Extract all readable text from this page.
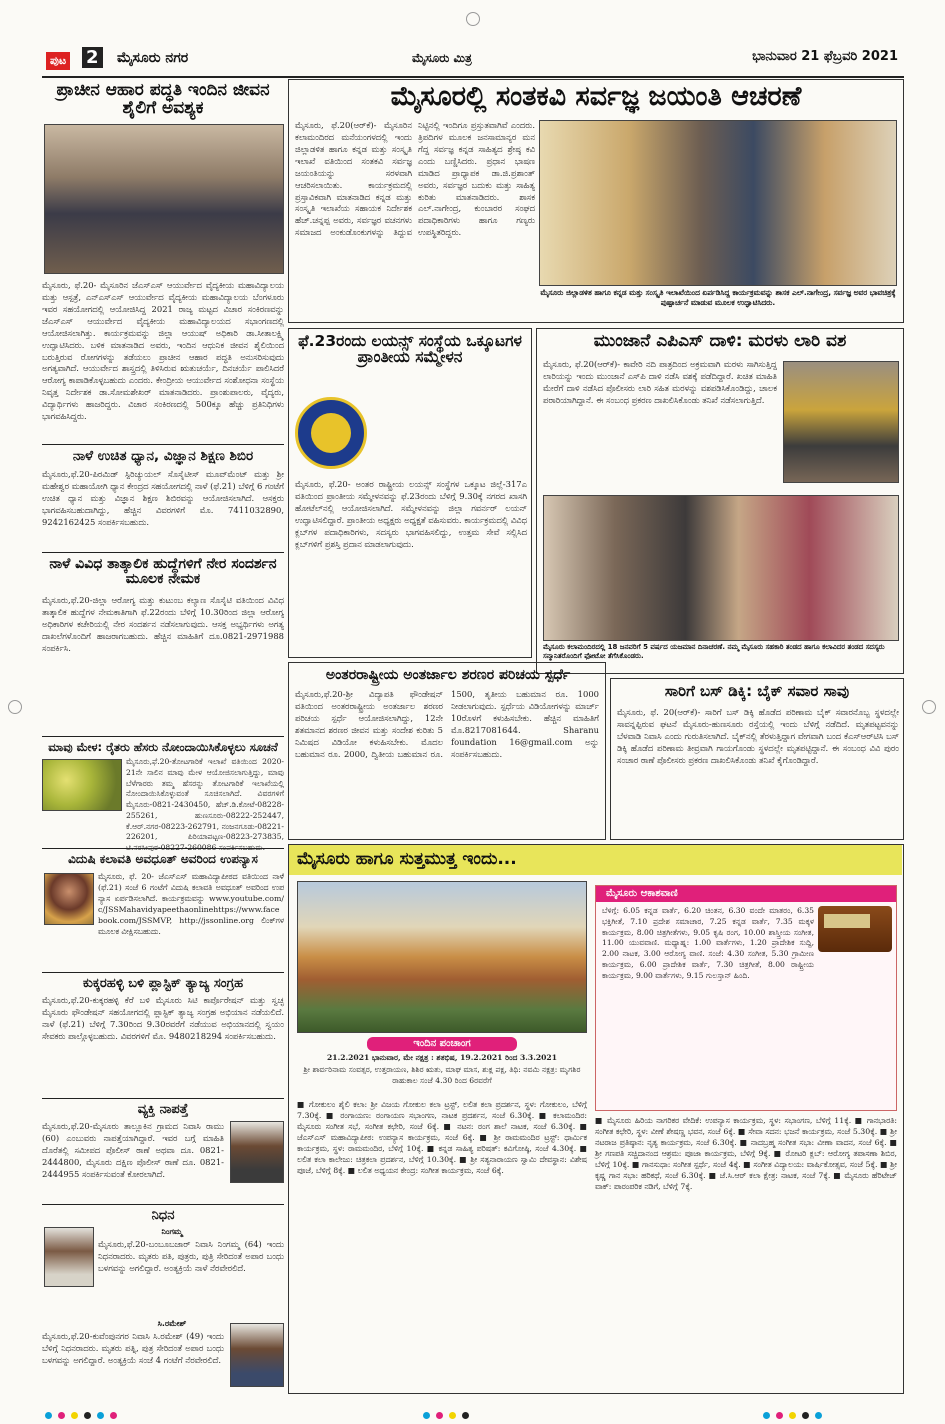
ಪುಟ 2 ಮೈಸೂರು ನಗರ	ಮೈಸೂರು ಮಿತ್ರ	ಭಾನುವಾರ 21 ಫೆಬ್ರವರಿ 2021
ಪ್ರಾಚೀನ ಆಹಾರ ಪದ್ಧತಿ ಇಂದಿನ ಜೀವನ ಶೈಲಿಗೆ ಅವಶ್ಯಕ
ಮೈಸೂರು, ಫೆ.20- ಮೈಸೂರಿನ ಜೆಎಸ್‌ಎಸ್ ಆಯುರ್ವೇದ ವೈದ್ಯಕೀಯ ಮಹಾವಿದ್ಯಾಲಯ ಮತ್ತು ಆಸ್ಪತ್ರೆ, ಎನ್‌ಎಸ್‌ಎಸ್ ಆಯುರ್ವೇದ ವೈದ್ಯಕೀಯ ಮಹಾವಿದ್ಯಾಲಯ ಬೆಂಗಳೂರು ಇವರ ಸಹಯೋಗದಲ್ಲಿ ಆಯೋಜಿಸಿದ್ದ 2021 ರಾಜ್ಯ ಮಟ್ಟದ ವಿಚಾರ ಸಂಕಿರಣವನ್ನು ಜೆಎಸ್‌ಎಸ್ ಆಯುರ್ವೇದ ವೈದ್ಯಕೀಯ ಮಹಾವಿದ್ಯಾಲಯದ ಸಭಾಂಗಣದಲ್ಲಿ ಆಯೋಜಿಸಲಾಗಿತ್ತು. ಕಾರ್ಯಕ್ರಮವನ್ನು ಜಿಲ್ಲಾ ಆಯುಷ್ ಅಧಿಕಾರಿ ಡಾ.ಸೀತಾಲಕ್ಷ್ಮಿ ಉದ್ಘಾಟಿಸಿದರು. ಬಳಿಕ ಮಾತನಾಡಿದ ಅವರು, ಇಂದಿನ ಆಧುನಿಕ ಜೀವನ ಶೈಲಿಯಿಂದ ಬರುತ್ತಿರುವ ರೋಗಗಳನ್ನು ತಡೆಯಲು ಪ್ರಾಚೀನ ಆಹಾರ ಪದ್ಧತಿ ಅನುಸರಿಸುವುದು ಅಗತ್ಯವಾಗಿದೆ. ಆಯುರ್ವೇದ ಶಾಸ್ತ್ರದಲ್ಲಿ ತಿಳಿಸಿರುವ ಋತುಚರ್ಯೆ, ದಿನಚರ್ಯೆ ಪಾಲಿಸಿದರೆ ಆರೋಗ್ಯ ಕಾಪಾಡಿಕೊಳ್ಳಬಹುದು ಎಂದರು. ಕೇಂದ್ರೀಯ ಆಯುರ್ವೇದ ಸಂಶೋಧನಾ ಸಂಸ್ಥೆಯ ನಿವೃತ್ತ ನಿರ್ದೇಶಕ ಡಾ.ಸೋಮಶೇಖರ್ ಮಾತನಾಡಿದರು. ಪ್ರಾಂಶುಪಾಲರು, ವೈದ್ಯರು, ವಿದ್ಯಾರ್ಥಿಗಳು ಹಾಜರಿದ್ದರು. ವಿಚಾರ ಸಂಕಿರಣದಲ್ಲಿ 500ಕ್ಕೂ ಹೆಚ್ಚು ಪ್ರತಿನಿಧಿಗಳು ಭಾಗವಹಿಸಿದ್ದರು.
ಮೈಸೂರಲ್ಲಿ ಸಂತಕವಿ ಸರ್ವಜ್ಞ ಜಯಂತಿ ಆಚರಣೆ
ಮೈಸೂರು, ಫೆ.20(ಆರ್‌ಕೆ)- ಮೈಸೂರಿನ ಕಲಾಮಂದಿರದ ಮನೆಯಂಗಳದಲ್ಲಿ ಇಂದು ಜಿಲ್ಲಾಡಳಿತ ಹಾಗೂ ಕನ್ನಡ ಮತ್ತು ಸಂಸ್ಕೃತಿ ಇಲಾಖೆ ವತಿಯಿಂದ ಸಂತಕವಿ ಸರ್ವಜ್ಞ ಜಯಂತಿಯನ್ನು ಸರಳವಾಗಿ ಆಚರಿಸಲಾಯಿತು. ಕಾರ್ಯಕ್ರಮದಲ್ಲಿ ಪ್ರಸ್ತಾವಿಕವಾಗಿ ಮಾತನಾಡಿದ ಕನ್ನಡ ಮತ್ತು ಸಂಸ್ಕೃತಿ ಇಲಾಖೆಯ ಸಹಾಯಕ ನಿರ್ದೇಶಕ ಹೆಚ್.ಚನ್ನಪ್ಪ ಅವರು, ಸರ್ವಜ್ಞರ ವಚನಗಳು ಸಮಾಜದ ಅಂಕುಡೊಂಕುಗಳನ್ನು ತಿದ್ದುವ ನಿಟ್ಟಿನಲ್ಲಿ ಇಂದಿಗೂ ಪ್ರಸ್ತುತವಾಗಿವೆ ಎಂದರು. ತ್ರಿಪದಿಗಳ ಮೂಲಕ ಜನಸಾಮಾನ್ಯರ ಮನ ಗೆದ್ದ ಸರ್ವಜ್ಞ ಕನ್ನಡ ಸಾಹಿತ್ಯದ ಶ್ರೇಷ್ಠ ಕವಿ ಎಂದು ಬಣ್ಣಿಸಿದರು. ಪ್ರಧಾನ ಭಾಷಣ ಮಾಡಿದ ಪ್ರಾಧ್ಯಾಪಕ ಡಾ.ಜಿ.ಪ್ರಶಾಂತ್ ಅವರು, ಸರ್ವಜ್ಞರ ಬದುಕು ಮತ್ತು ಸಾಹಿತ್ಯ ಕುರಿತು ಮಾತನಾಡಿದರು. ಶಾಸಕ ಎಲ್.ನಾಗೇಂದ್ರ, ಕುಂಬಾರರ ಸಂಘದ ಪದಾಧಿಕಾರಿಗಳು ಹಾಗೂ ಗಣ್ಯರು ಉಪಸ್ಥಿತರಿದ್ದರು.
ಮೈಸೂರು ಜಿಲ್ಲಾಡಳಿತ ಹಾಗೂ ಕನ್ನಡ ಮತ್ತು ಸಂಸ್ಕೃತಿ ಇಲಾಖೆಯಿಂದ ಏರ್ಪಡಿಸಿದ್ದ ಕಾರ್ಯಕ್ರಮವನ್ನು ಶಾಸಕ ಎಲ್.ನಾಗೇಂದ್ರ, ಸರ್ವಜ್ಞ ಅವರ ಭಾವಚಿತ್ರಕ್ಕೆ ಪುಷ್ಪಾರ್ಚನೆ ಮಾಡುವ ಮೂಲಕ ಉದ್ಘಾಟಿಸಿದರು.
ನಾಳೆ ಉಚಿತ ಧ್ಯಾನ, ವಿಜ್ಞಾನ ಶಿಕ್ಷಣ ಶಿಬಿರ
ಮೈಸೂರು,ಫೆ.20-ಪಿರಮಿಡ್ ಸ್ಪಿರಿಚ್ಯುಯಲ್ ಸೊಸೈಟೀಸ್ ಮೂವ್‌ಮೆಂಟ್ ಮತ್ತು ಶ್ರೀ ಮಹೇಶ್ವರ ಮಹಾಯೋಗಿ ಧ್ಯಾನ ಕೇಂದ್ರದ ಸಹಯೋಗದಲ್ಲಿ ನಾಳೆ (ಫೆ.21) ಬೆಳಿಗ್ಗೆ 6 ಗಂಟೆಗೆ ಉಚಿತ ಧ್ಯಾನ ಮತ್ತು ವಿಜ್ಞಾನ ಶಿಕ್ಷಣ ಶಿಬಿರವನ್ನು ಆಯೋಜಿಸಲಾಗಿದೆ. ಆಸಕ್ತರು ಭಾಗವಹಿಸಬಹುದಾಗಿದ್ದು, ಹೆಚ್ಚಿನ ವಿವರಗಳಿಗೆ ಮೊ. 7411032890, 9242162425 ಸಂಪರ್ಕಿಸಬಹುದು.
ಫೆ.23ರಂದು ಲಯನ್ಸ್ ಸಂಸ್ಥೆಯ ಒಕ್ಕೂಟಗಳ ಪ್ರಾಂತೀಯ ಸಮ್ಮೇಳನ
ಮೈಸೂರು, ಫೆ.20- ಅಂತರ ರಾಷ್ಟ್ರೀಯ ಲಯನ್ಸ್ ಸಂಸ್ಥೆಗಳ ಒಕ್ಕೂಟ ಜಿಲ್ಲೆ-317ಎ ವತಿಯಿಂದ ಪ್ರಾಂತೀಯ ಸಮ್ಮೇಳನವನ್ನು ಫೆ.23ರಂದು ಬೆಳಿಗ್ಗೆ 9.30ಕ್ಕೆ ನಗರದ ಖಾಸಗಿ ಹೋಟೆಲ್‌ನಲ್ಲಿ ಆಯೋಜಿಸಲಾಗಿದೆ. ಸಮ್ಮೇಳನವನ್ನು ಜಿಲ್ಲಾ ಗವರ್ನರ್ ಲಯನ್ ಉದ್ಘಾಟಿಸಲಿದ್ದಾರೆ. ಪ್ರಾಂತೀಯ ಅಧ್ಯಕ್ಷರು ಅಧ್ಯಕ್ಷತೆ ವಹಿಸುವರು. ಕಾರ್ಯಕ್ರಮದಲ್ಲಿ ವಿವಿಧ ಕ್ಲಬ್‌ಗಳ ಪದಾಧಿಕಾರಿಗಳು, ಸದಸ್ಯರು ಭಾಗವಹಿಸಲಿದ್ದು, ಉತ್ತಮ ಸೇವೆ ಸಲ್ಲಿಸಿದ ಕ್ಲಬ್‌ಗಳಿಗೆ ಪ್ರಶಸ್ತಿ ಪ್ರದಾನ ಮಾಡಲಾಗುವುದು.
ಮುಂಜಾನೆ ಎಪಿಎಸ್ ದಾಳಿ: ಮರಳು ಲಾರಿ ವಶ
ಮೈಸೂರು, ಫೆ.20(ಆರ್‌ಕೆ)- ಕಾವೇರಿ ನದಿ ಪಾತ್ರದಿಂದ ಅಕ್ರಮವಾಗಿ ಮರಳು ಸಾಗಿಸುತ್ತಿದ್ದ ಲಾರಿಯನ್ನು ಇಂದು ಮುಂಜಾನೆ ಎಸ್‌ಪಿ ದಾಳಿ ನಡೆಸಿ ವಶಕ್ಕೆ ಪಡೆದಿದ್ದಾರೆ. ಖಚಿತ ಮಾಹಿತಿ ಮೇರೆಗೆ ದಾಳಿ ನಡೆಸಿದ ಪೊಲೀಸರು ಲಾರಿ ಸಹಿತ ಮರಳನ್ನು ವಶಪಡಿಸಿಕೊಂಡಿದ್ದು, ಚಾಲಕ ಪರಾರಿಯಾಗಿದ್ದಾನೆ. ಈ ಸಂಬಂಧ ಪ್ರಕರಣ ದಾಖಲಿಸಿಕೊಂಡು ತನಿಖೆ ನಡೆಸಲಾಗುತ್ತಿದೆ.
ಮೈಸೂರು ಕಲಾಮಂದಿರದಲ್ಲಿ 18 ಜನವರಿಗೆ 5 ವರ್ಷದ ಯಜಮಾನ ದಿನಾಚರಣೆ. ನಮ್ಮ ಮೈಸೂರು ಸಹಕಾರಿ ತಂಡದ ಹಾಗೂ ಕಲಾವಿದರ ತಂಡದ ಸದಸ್ಯರು ಸನ್ಮಾನಿತರೊಂದಿಗೆ ಫೋಟೋ ತೆಗೆಸಿಕೊಂಡರು.
ನಾಳೆ ವಿವಿಧ ತಾತ್ಕಾಲಿಕ ಹುದ್ದೆಗಳಿಗೆ ನೇರ ಸಂದರ್ಶನ ಮೂಲಕ ನೇಮಕ
ಮೈಸೂರು,ಫೆ.20-ಜಿಲ್ಲಾ ಆರೋಗ್ಯ ಮತ್ತು ಕುಟುಂಬ ಕಲ್ಯಾಣ ಸೊಸೈಟಿ ವತಿಯಿಂದ ವಿವಿಧ ತಾತ್ಕಾಲಿಕ ಹುದ್ದೆಗಳ ನೇಮಕಾತಿಗಾಗಿ ಫೆ.22ರಂದು ಬೆಳಿಗ್ಗೆ 10.30ರಿಂದ ಜಿಲ್ಲಾ ಆರೋಗ್ಯ ಅಧಿಕಾರಿಗಳ ಕಚೇರಿಯಲ್ಲಿ ನೇರ ಸಂದರ್ಶನ ನಡೆಸಲಾಗುವುದು. ಆಸಕ್ತ ಅಭ್ಯರ್ಥಿಗಳು ಅಗತ್ಯ ದಾಖಲೆಗಳೊಂದಿಗೆ ಹಾಜರಾಗಬಹುದು. ಹೆಚ್ಚಿನ ಮಾಹಿತಿಗೆ ದೂ.0821-2971988 ಸಂಪರ್ಕಿಸಿ.
ಮಾವು ಮೇಳ: ರೈತರು ಹೆಸರು ನೋಂದಾಯಿಸಿಕೊಳ್ಳಲು ಸೂಚನೆ
ಮೈಸೂರು,ಫೆ.20-ತೋಟಗಾರಿಕೆ ಇಲಾಖೆ ವತಿಯಿಂದ 2020-21ನೇ ಸಾಲಿನ ಮಾವು ಮೇಳ ಆಯೋಜಿಸಲಾಗುತ್ತಿದ್ದು, ಮಾವು ಬೆಳೆಗಾರರು ತಮ್ಮ ಹೆಸರನ್ನು ತೋಟಗಾರಿಕೆ ಇಲಾಖೆಯಲ್ಲಿ ನೋಂದಾಯಿಸಿಕೊಳ್ಳುವಂತೆ ಸೂಚಿಸಲಾಗಿದೆ. ವಿವರಗಳಿಗೆ ಮೈಸೂರು-0821-2430450, ಹೆಚ್.ಡಿ.ಕೋಟೆ-08228-255261, ಹುಣಸೂರು-08222-252447, ಕೆ.ಆರ್.ನಗರ-08223-262791, ನಂಜನಗೂಡು-08221-226201, ಪಿರಿಯಾಪಟ್ಟಣ-08223-273835, ಟಿ.ನರಸೀಪುರ-08227-260086 ಸಂಪರ್ಕಿಸಬಹುದು.
ಅಂತರರಾಷ್ಟ್ರೀಯ ಅಂತರ್ಜಾಲ ಶರಣರ ಪರಿಚಯ ಸ್ಪರ್ಧೆ
ಮೈಸೂರು,ಫೆ.20-ಶ್ರೀ ವಿದ್ಯಾಪತಿ ಫೌಂಡೇಷನ್ ವತಿಯಿಂದ ಅಂತರರಾಷ್ಟ್ರೀಯ ಅಂತರ್ಜಾಲ ಶರಣರ ಪರಿಚಯ ಸ್ಪರ್ಧೆ ಆಯೋಜಿಸಲಾಗಿದ್ದು, 12ನೇ ಶತಮಾನದ ಶರಣರ ಜೀವನ ಮತ್ತು ಸಂದೇಶ ಕುರಿತು 5 ನಿಮಿಷದ ವಿಡಿಯೋ ಕಳುಹಿಸಬೇಕು. ಮೊದಲ ಬಹುಮಾನ ರೂ. 2000, ದ್ವಿತೀಯ ಬಹುಮಾನ ರೂ. 1500, ತೃತೀಯ ಬಹುಮಾನ ರೂ. 1000 ನೀಡಲಾಗುವುದು. ಸ್ಪರ್ಧೆಯ ವಿಡಿಯೋಗಳನ್ನು ಮಾರ್ಚ್ 10ರೊಳಗೆ ಕಳುಹಿಸಬೇಕು. ಹೆಚ್ಚಿನ ಮಾಹಿತಿಗೆ ಮೊ.8217081644. Sharanu foundation 16@gmail.com ಅನ್ನು ಸಂಪರ್ಕಿಸಬಹುದು.
ಸಾರಿಗೆ ಬಸ್ ಡಿಕ್ಕಿ: ಬೈಕ್ ಸವಾರ ಸಾವು
ಮೈಸೂರು, ಫೆ. 20(ಆರ್‌ಕೆ)- ಸಾರಿಗೆ ಬಸ್ ಡಿಕ್ಕಿ ಹೊಡೆದ ಪರಿಣಾಮ ಬೈಕ್ ಸವಾರನೊಬ್ಬ ಸ್ಥಳದಲ್ಲೇ ಸಾವನ್ನಪ್ಪಿರುವ ಘಟನೆ ಮೈಸೂರು-ಹುಣಸೂರು ರಸ್ತೆಯಲ್ಲಿ ಇಂದು ಬೆಳಿಗ್ಗೆ ನಡೆದಿದೆ. ಮೃತಪಟ್ಟವನನ್ನು ಬೆಳವಾಡಿ ನಿವಾಸಿ ಎಂದು ಗುರುತಿಸಲಾಗಿದೆ. ಬೈಕ್‌ನಲ್ಲಿ ತೆರಳುತ್ತಿದ್ದಾಗ ವೇಗವಾಗಿ ಬಂದ ಕೆಎಸ್‌ಆರ್‌ಟಿಸಿ ಬಸ್ ಡಿಕ್ಕಿ ಹೊಡೆದ ಪರಿಣಾಮ ತೀವ್ರವಾಗಿ ಗಾಯಗೊಂಡು ಸ್ಥಳದಲ್ಲೇ ಮೃತಪಟ್ಟಿದ್ದಾನೆ. ಈ ಸಂಬಂಧ ವಿವಿ ಪುರಂ ಸಂಚಾರ ಠಾಣೆ ಪೊಲೀಸರು ಪ್ರಕರಣ ದಾಖಲಿಸಿಕೊಂಡು ತನಿಖೆ ಕೈಗೊಂಡಿದ್ದಾರೆ.
ವಿದುಷಿ ಕಲಾವತಿ ಅವಧೂತ್ ಅವರಿಂದ ಉಪನ್ಯಾಸ
ಮೈಸೂರು, ಫೆ. 20- ಜೆಎಸ್‌ಎಸ್ ಮಹಾವಿದ್ಯಾಪೀಠದ ವತಿಯಿಂದ ನಾಳೆ (ಫೆ.21) ಸಂಜೆ 6 ಗಂಟೆಗೆ ವಿದುಷಿ ಕಲಾವತಿ ಅವಧೂತ್ ಅವರಿಂದ ಉಪನ್ಯಾಸ ಏರ್ಪಡಿಸಲಾಗಿದೆ. ಕಾರ್ಯಕ್ರಮವನ್ನು www.youtube.com/c/JSSMahavidyapeethaonlinehttps://www.facebook.com/JSSMVP, http://jssonline.org ಲಿಂಕ್‌ಗಳ ಮೂಲಕ ವೀಕ್ಷಿಸಬಹುದು.
ಮೈಸೂರು ಹಾಗೂ ಸುತ್ತಮುತ್ತ ಇಂದು...
ಇಂದಿನ ಪಂಚಾಂಗ
21.2.2021 ಭಾನುವಾರ, ಮೇ ನಕ್ಷತ್ರ : ಶತಭಿಷ, 19.2.2021 ರಿಂದ 3.3.2021
ಶ್ರೀ ಶಾರ್ವರಿನಾಮ ಸಂವತ್ಸರ, ಉತ್ತರಾಯಣ, ಶಿಶಿರ ಋತು, ಮಾಘ ಮಾಸ, ಶುಕ್ಲ ಪಕ್ಷ, ತಿಥಿ: ನವಮಿ ನಕ್ಷತ್ರ: ಮೃಗಶಿರ ರಾಹುಕಾಲ ಸಂಜೆ 4.30 ರಿಂದ 6ರವರೆಗೆ
ಮೈಸೂರು ಆಕಾಶವಾಣಿ
ಬೆಳಿಗ್ಗೆ: 6.05 ಕನ್ನಡ ವಾರ್ತೆ, 6.20 ಚಿಂತನ, 6.30 ವಂದೇ ಮಾತರಂ, 6.35 ಭಕ್ತಿಗೀತೆ, 7.10 ಪ್ರದೇಶ ಸಮಾಚಾರ, 7.25 ಕನ್ನಡ ವಾರ್ತೆ, 7.35 ಮಕ್ಕಳ ಕಾರ್ಯಕ್ರಮ, 8.00 ಚಿತ್ರಗೀತೆಗಳು, 9.05 ಕೃಷಿ ರಂಗ, 10.00 ಶಾಸ್ತ್ರೀಯ ಸಂಗೀತ, 11.00 ಯುವವಾಣಿ. ಮಧ್ಯಾಹ್ನ: 1.00 ವಾರ್ತೆಗಳು, 1.20 ಪ್ರಾದೇಶಿಕ ಸುದ್ದಿ, 2.00 ನಾಟಕ, 3.00 ಆರೋಗ್ಯ ವಾಣಿ. ಸಂಜೆ: 4.30 ಸಂಗೀತ, 5.30 ಗ್ರಾಮೀಣ ಕಾರ್ಯಕ್ರಮ, 6.00 ಪ್ರಾದೇಶಿಕ ವಾರ್ತೆ, 7.30 ಚಿತ್ರಗೀತೆ, 8.00 ರಾಷ್ಟ್ರೀಯ ಕಾರ್ಯಕ್ರಮ, 9.00 ವಾರ್ತೆಗಳು, 9.15 ಗುಲಸ್ತಾನ್ ಹಿಂದಿ.
■ ಗೋಕುಲಂ ಶೈಲಿ ಕಲಾ: ಶ್ರೀ ವಿಜಯ ಗೋಕುಲ ಕಲಾ ಟ್ರಸ್ಟ್, ಲಲಿತ ಕಲಾ ಪ್ರದರ್ಶನ, ಸ್ಥಳ: ಗೋಕುಲಂ, ಬೆಳಿಗ್ಗೆ 7.30ಕ್ಕೆ. ■ ರಂಗಾಯಣ: ರಂಗಾಯಣ ಸಭಾಂಗಣ, ನಾಟಕ ಪ್ರದರ್ಶನ, ಸಂಜೆ 6.30ಕ್ಕೆ. ■ ಕಲಾಮಂದಿರ: ಮೈಸೂರು ಸಂಗೀತ ಸಭೆ, ಸಂಗೀತ ಕಛೇರಿ, ಸಂಜೆ 6ಕ್ಕೆ. ■ ನಟನ: ರಂಗ ಶಾಲೆ ನಾಟಕ, ಸಂಜೆ 6.30ಕ್ಕೆ. ■ ಜೆಎಸ್‌ಎಸ್ ಮಹಾವಿದ್ಯಾಪೀಠ: ಉಪನ್ಯಾಸ ಕಾರ್ಯಕ್ರಮ, ಸಂಜೆ 6ಕ್ಕೆ. ■ ಶ್ರೀ ರಾಮಮಂದಿರ ಟ್ರಸ್ಟ್: ಧಾರ್ಮಿಕ ಕಾರ್ಯಕ್ರಮ, ಸ್ಥಳ: ರಾಮಮಂದಿರ, ಬೆಳಿಗ್ಗೆ 10ಕ್ಕೆ. ■ ಕನ್ನಡ ಸಾಹಿತ್ಯ ಪರಿಷತ್: ಕವಿಗೋಷ್ಠಿ, ಸಂಜೆ 4.30ಕ್ಕೆ. ■ ಲಲಿತ ಕಲಾ ಕಾಲೇಜು: ಚಿತ್ರಕಲಾ ಪ್ರದರ್ಶನ, ಬೆಳಿಗ್ಗೆ 10.30ಕ್ಕೆ. ■ ಶ್ರೀ ಸತ್ಯನಾರಾಯಣ ಸ್ವಾಮಿ ದೇವಸ್ಥಾನ: ವಿಶೇಷ ಪೂಜೆ, ಬೆಳಿಗ್ಗೆ 8ಕ್ಕೆ. ■ ಲಲಿತ ಅಧ್ಯಯನ ಕೇಂದ್ರ: ಸಂಗೀತ ಕಾರ್ಯಕ್ರಮ, ಸಂಜೆ 6ಕ್ಕೆ.
■ ಮೈಸೂರು ಹಿರಿಯ ನಾಗರಿಕರ ವೇದಿಕೆ: ಉಪನ್ಯಾಸ ಕಾರ್ಯಕ್ರಮ, ಸ್ಥಳ: ಸಭಾಂಗಣ, ಬೆಳಿಗ್ಗೆ 11ಕ್ಕೆ. ■ ಗಾನಭಾರತಿ: ಸಂಗೀತ ಕಛೇರಿ, ಸ್ಥಳ: ವೀಣೆ ಶೇಷಣ್ಣ ಭವನ, ಸಂಜೆ 6ಕ್ಕೆ. ■ ಸೇವಾ ಸದನ: ಭಜನೆ ಕಾರ್ಯಕ್ರಮ, ಸಂಜೆ 5.30ಕ್ಕೆ. ■ ಶ್ರೀ ನಟರಾಜ ಪ್ರತಿಷ್ಠಾನ: ನೃತ್ಯ ಕಾರ್ಯಕ್ರಮ, ಸಂಜೆ 6.30ಕ್ಕೆ. ■ ನಾದಬ್ರಹ್ಮ ಸಂಗೀತ ಸಭಾ: ವೀಣಾ ವಾದನ, ಸಂಜೆ 6ಕ್ಕೆ. ■ ಶ್ರೀ ಗಣಪತಿ ಸಚ್ಚಿದಾನಂದ ಆಶ್ರಮ: ಪೂಜಾ ಕಾರ್ಯಕ್ರಮ, ಬೆಳಿಗ್ಗೆ 9ಕ್ಕೆ. ■ ರೋಟರಿ ಕ್ಲಬ್: ಆರೋಗ್ಯ ತಪಾಸಣಾ ಶಿಬಿರ, ಬೆಳಿಗ್ಗೆ 10ಕ್ಕೆ. ■ ಗಾನಸುಧಾ: ಸಂಗೀತ ಸ್ಪರ್ಧೆ, ಸಂಜೆ 4ಕ್ಕೆ. ■ ಸಂಗೀತ ವಿದ್ಯಾಲಯ: ವಾರ್ಷಿಕೋತ್ಸವ, ಸಂಜೆ 5ಕ್ಕೆ. ■ ಶ್ರೀ ಕೃಷ್ಣ ಗಾನ ಸಭಾ: ಹರಿಕಥೆ, ಸಂಜೆ 6.30ಕ್ಕೆ. ■ ಜೆ.ಸಿ.ಆರ್ ಕಲಾ ಕ್ಷೇತ್ರ: ನಾಟಕ, ಸಂಜೆ 7ಕ್ಕೆ. ■ ಮೈಸೂರು ಹೆರಿಟೇಜ್ ವಾಕ್: ಪಾರಂಪರಿಕ ನಡಿಗೆ, ಬೆಳಿಗ್ಗೆ 7ಕ್ಕೆ.
ಕುಕ್ಕರಹಳ್ಳಿ ಬಳಿ ಪ್ಲಾಸ್ಟಿಕ್ ತ್ಯಾಜ್ಯ ಸಂಗ್ರಹ
ಮೈಸೂರು,ಫೆ.20-ಕುಕ್ಕರಹಳ್ಳಿ ಕೆರೆ ಬಳಿ ಮೈಸೂರು ಸಿಟಿ ಕಾರ್ಪೊರೇಷನ್ ಮತ್ತು ಸ್ವಚ್ಛ ಮೈಸೂರು ಫೌಂಡೇಷನ್ ಸಹಯೋಗದಲ್ಲಿ ಪ್ಲಾಸ್ಟಿಕ್ ತ್ಯಾಜ್ಯ ಸಂಗ್ರಹ ಅಭಿಯಾನ ನಡೆಯಲಿದೆ. ನಾಳೆ (ಫೆ.21) ಬೆಳಿಗ್ಗೆ 7.30ರಿಂದ 9.30ರವರೆಗೆ ನಡೆಯುವ ಅಭಿಯಾನದಲ್ಲಿ ಸ್ವಯಂ ಸೇವಕರು ಪಾಲ್ಗೊಳ್ಳಬಹುದು. ವಿವರಗಳಿಗೆ ಮೊ. 9480218294 ಸಂಪರ್ಕಿಸಬಹುದು.
ವ್ಯಕ್ತಿ ನಾಪತ್ತೆ
ಮೈಸೂರು,ಫೆ.20-ಮೈಸೂರು ತಾಲ್ಲೂಕಿನ ಗ್ರಾಮದ ನಿವಾಸಿ ರಾಮು (60) ಎಂಬುವರು ನಾಪತ್ತೆಯಾಗಿದ್ದಾರೆ. ಇವರ ಬಗ್ಗೆ ಮಾಹಿತಿ ದೊರೆತಲ್ಲಿ ಸಮೀಪದ ಪೊಲೀಸ್ ಠಾಣೆ ಅಥವಾ ದೂ. 0821-2444800, ಮೈಸೂರು ದಕ್ಷಿಣ ಪೊಲೀಸ್ ಠಾಣೆ ದೂ. 0821-2444955 ಸಂಪರ್ಕಿಸುವಂತೆ ಕೋರಲಾಗಿದೆ.
ನಿಧನ
ನಿಂಗಮ್ಮ
ಮೈಸೂರು,ಫೆ.20-ಬಂಬೂಬಜಾರ್ ನಿವಾಸಿ ನಿಂಗಮ್ಮ (64) ಇಂದು ನಿಧನರಾದರು. ಮೃತರು ಪತಿ, ಪುತ್ರರು, ಪುತ್ರಿ ಸೇರಿದಂತೆ ಅಪಾರ ಬಂಧು ಬಳಗವನ್ನು ಅಗಲಿದ್ದಾರೆ. ಅಂತ್ಯಕ್ರಿಯೆ ನಾಳೆ ನೆರವೇರಲಿದೆ.
ಸಿ.ರಮೇಶ್
ಮೈಸೂರು,ಫೆ.20-ಕುವೆಂಪುನಗರ ನಿವಾಸಿ ಸಿ.ರಮೇಶ್ (49) ಇಂದು ಬೆಳಿಗ್ಗೆ ನಿಧನರಾದರು. ಮೃತರು ಪತ್ನಿ, ಪುತ್ರ ಸೇರಿದಂತೆ ಅಪಾರ ಬಂಧು ಬಳಗವನ್ನು ಅಗಲಿದ್ದಾರೆ. ಅಂತ್ಯಕ್ರಿಯೆ ಸಂಜೆ 4 ಗಂಟೆಗೆ ನೆರವೇರಲಿದೆ.
